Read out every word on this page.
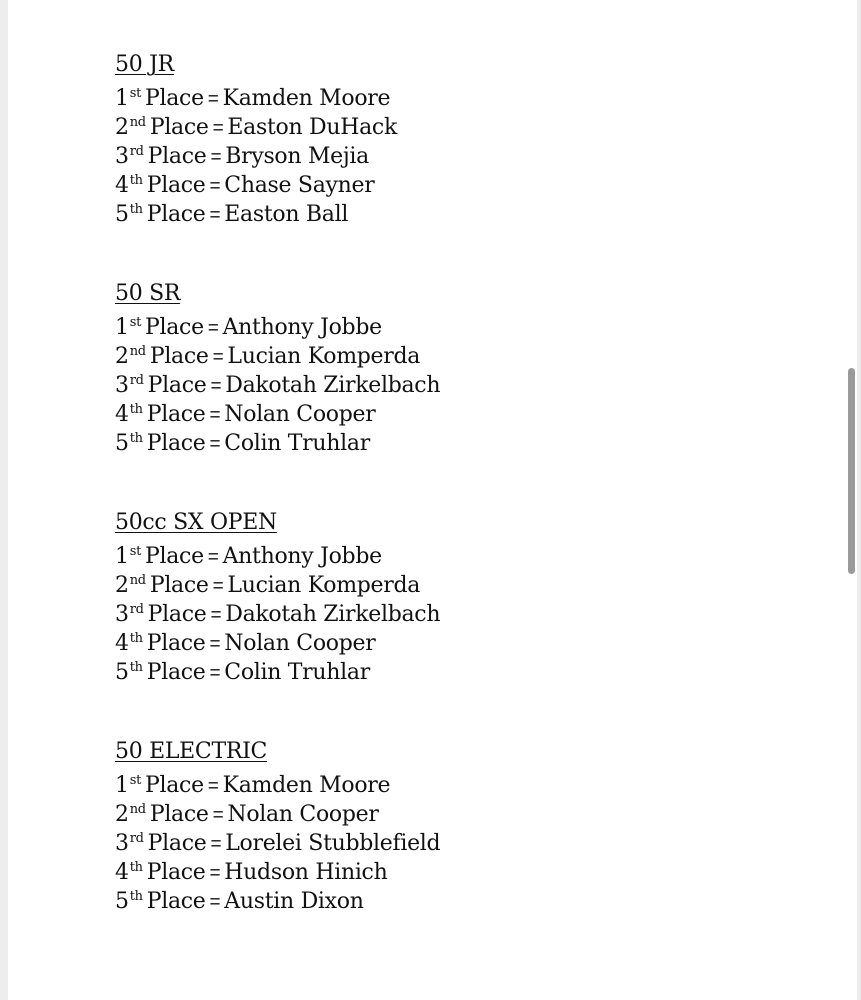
50 JR
1st Place = Kamden Moore
2nd Place = Easton DuHack
3rd Place = Bryson Mejia
4th Place = Chase Sayner
5th Place = Easton Ball
50 SR
1st Place = Anthony Jobbe
2nd Place = Lucian Komperda
3rd Place = Dakotah Zirkelbach
4th Place = Nolan Cooper
5th Place = Colin Truhlar
50cc SX OPEN
1st Place = Anthony Jobbe
2nd Place = Lucian Komperda
3rd Place = Dakotah Zirkelbach
4th Place = Nolan Cooper
5th Place = Colin Truhlar
50 ELECTRIC
1st Place = Kamden Moore
2nd Place = Nolan Cooper
3rd Place = Lorelei Stubblefield
4th Place = Hudson Hinich
5th Place = Austin Dixon
